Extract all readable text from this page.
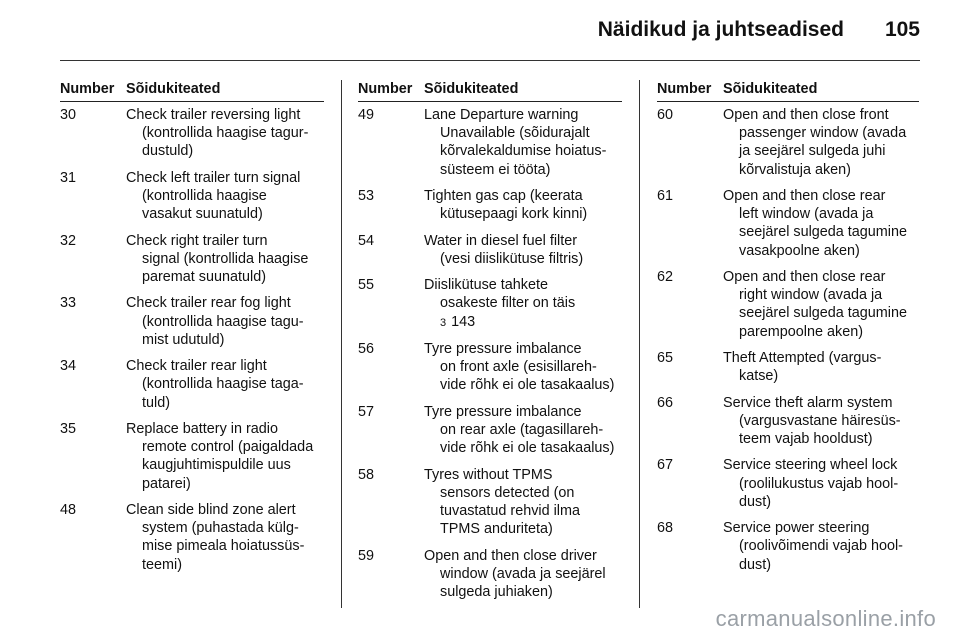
Näidikud ja juhtseadised 105
Number Sõidukiteated
30	Check trailer reversing light
(kontrollida haagise tagur-
dustuld)
31	Check left trailer turn signal
(kontrollida haagise
vasakut suunatuld)
32	Check right trailer turn
signal (kontrollida haagise
paremat suunatuld)
33	Check trailer rear fog light
(kontrollida haagise tagu-
mist udutuld)
34	Check trailer rear light
(kontrollida haagise taga-
tuld)
35	Replace battery in radio
remote control (paigaldada
kaugjuhtimispuldile uus
patarei)
48	Clean side blind zone alert
system (puhastada külg-
mise pimeala hoiatussüs-
teemi)
Number Sõidukiteated
49	Lane Departure warning
Unavailable (sõidurajalt
kõrvalekaldumise hoiatus-
süsteem ei tööta)
53	Tighten gas cap (keerata
kütusepaagi kork kinni)
54	Water in diesel fuel filter
(vesi diislikütuse filtris)
55	Diislikütuse tahkete
osakeste filter on täis
3 143
56	Tyre pressure imbalance
on front axle (esisillareh-
vide rõhk ei ole tasakaalus)
57	Tyre pressure imbalance
on rear axle (tagasillareh-
vide rõhk ei ole tasakaalus)
58	Tyres without TPMS
sensors detected (on
tuvastatud rehvid ilma
TPMS anduriteta)
59	Open and then close driver
window (avada ja seejärel
sulgeda juhiaken)
Number Sõidukiteated
60	Open and then close front
passenger window (avada
ja seejärel sulgeda juhi
kõrvalistuja aken)
61	Open and then close rear
left window (avada ja
seejärel sulgeda tagumine
vasakpoolne aken)
62	Open and then close rear
right window (avada ja
seejärel sulgeda tagumine
parempoolne aken)
65	Theft Attempted (vargus-
katse)
66	Service theft alarm system
(vargusvastane häiresüs-
teem vajab hooldust)
67	Service steering wheel lock
(roolilukustus vajab hool-
dust)
68	Service power steering
(roolivõimendi vajab hool-
dust)
carmanualsonline.info
